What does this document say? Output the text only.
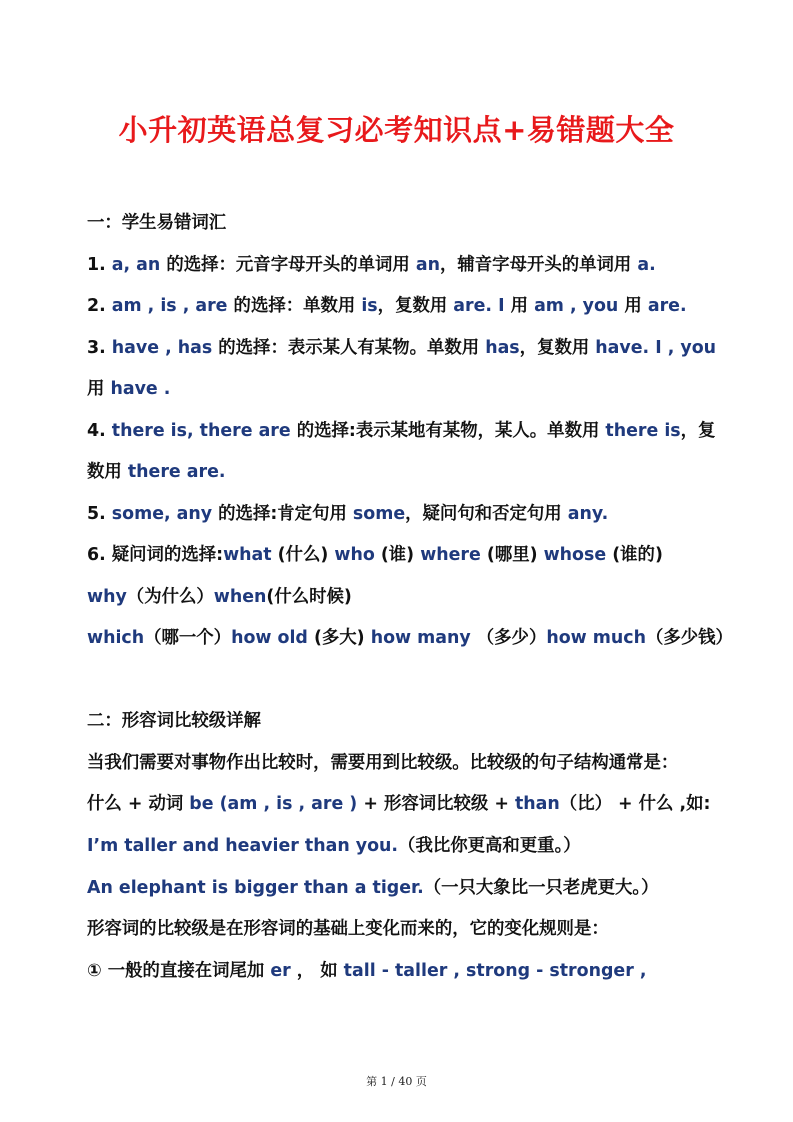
小升初英语总复习必考知识点+易错题大全
一：学生易错词汇
1. a, an 的选择：元音字母开头的单词用 an，辅音字母开头的单词用 a.
2. am , is , are 的选择：单数用 is，复数用 are. I 用 am , you 用 are.
3. have , has 的选择：表示某人有某物。单数用 has，复数用 have. I , you
用 have .
4. there is, there are 的选择:表示某地有某物，某人。单数用 there is，复
数用 there are.
5. some, any 的选择:肯定句用 some，疑问句和否定句用 any.
6. 疑问词的选择:what (什么) who (谁) where (哪里) whose (谁的)
why（为什么）when(什么时候)
which（哪一个）how old (多大) how many （多少）how much（多少钱）
二：形容词比较级详解
当我们需要对事物作出比较时，需要用到比较级。比较级的句子结构通常是：
什么 + 动词 be (am , is , are ) + 形容词比较级 + than（比） + 什么 ,如:
I’m taller and heavier than you.（我比你更高和更重。）
An elephant is bigger than a tiger.（一只大象比一只老虎更大。）
形容词的比较级是在形容词的基础上变化而来的，它的变化规则是：
① 一般的直接在词尾加 er ， 如 tall - taller , strong - stronger ,
第 1 / 40 页
